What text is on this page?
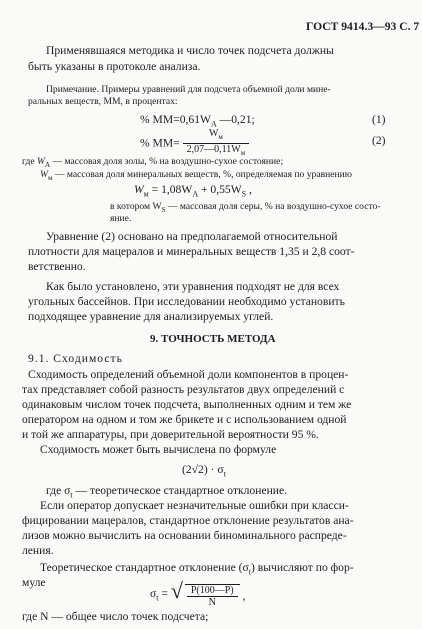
ГОСТ 9414.3—93 С. 7
Применявшаяся методика и число точек подсчета должны
быть указаны в протоколе анализа.
Примечание. Примеры уравнений для подсчета объемной доли мине-
ральных веществ, ММ, в процентах:
% $MM=0,61W_A$ —0,21;	(1)
% $MM= \frac{W_м}{2,07—0,11W_м}$	(2)
где $W_A$ — массовая доля золы, % на воздушно-сухое состояние;
$W_м$ — массовая доля минеральных веществ, %, определяемая по уравнению
$W_м = 1,08W_A + 0,55W_S$ ,
в котором $W_S$ — массовая доля серы, % на воздушно-сухое состо-
яние.
Уравнение (2) основано на предполагаемой относительной
плотности для мацералов и минеральных веществ 1,35 и 2,8 соот-
ветственно.
Как было установлено, эти уравнения подходят не для всех
угольных бассейнов. При исследовании необходимо установить
подходящее уравнение для анализируемых углей.
9. ТОЧНОСТЬ МЕТОДА
9.1. Сходимость
Сходимость определений объемной доли компонентов в процен-
тах представляет собой разность результатов двух определений с
одинаковым числом точек подсчета, выполненных одним и тем же
оператором на одном и том же брикете и с использованием одной
и той же аппаратуры, при доверительной вероятности 95 %.
Сходимость может быть вычислена по формуле
$(2√2) \cdot \sigma_t$
где $\sigma_t$ — теоретическое стандартное отклонение.
Если оператор допускает незначительные ошибки при класси-
фицировании мацералов, стандартное отклонение результатов ана-
лизов можно вычислить на основании биноминального распреде-
ления.
Теоретическое стандартное отклонение $(\sigma_t)$ вычисляют по фор-
муле
$\sigma_t$ = √ $\frac{P(100—P)}{N}$ ,
где N — общее число точек подсчета;
